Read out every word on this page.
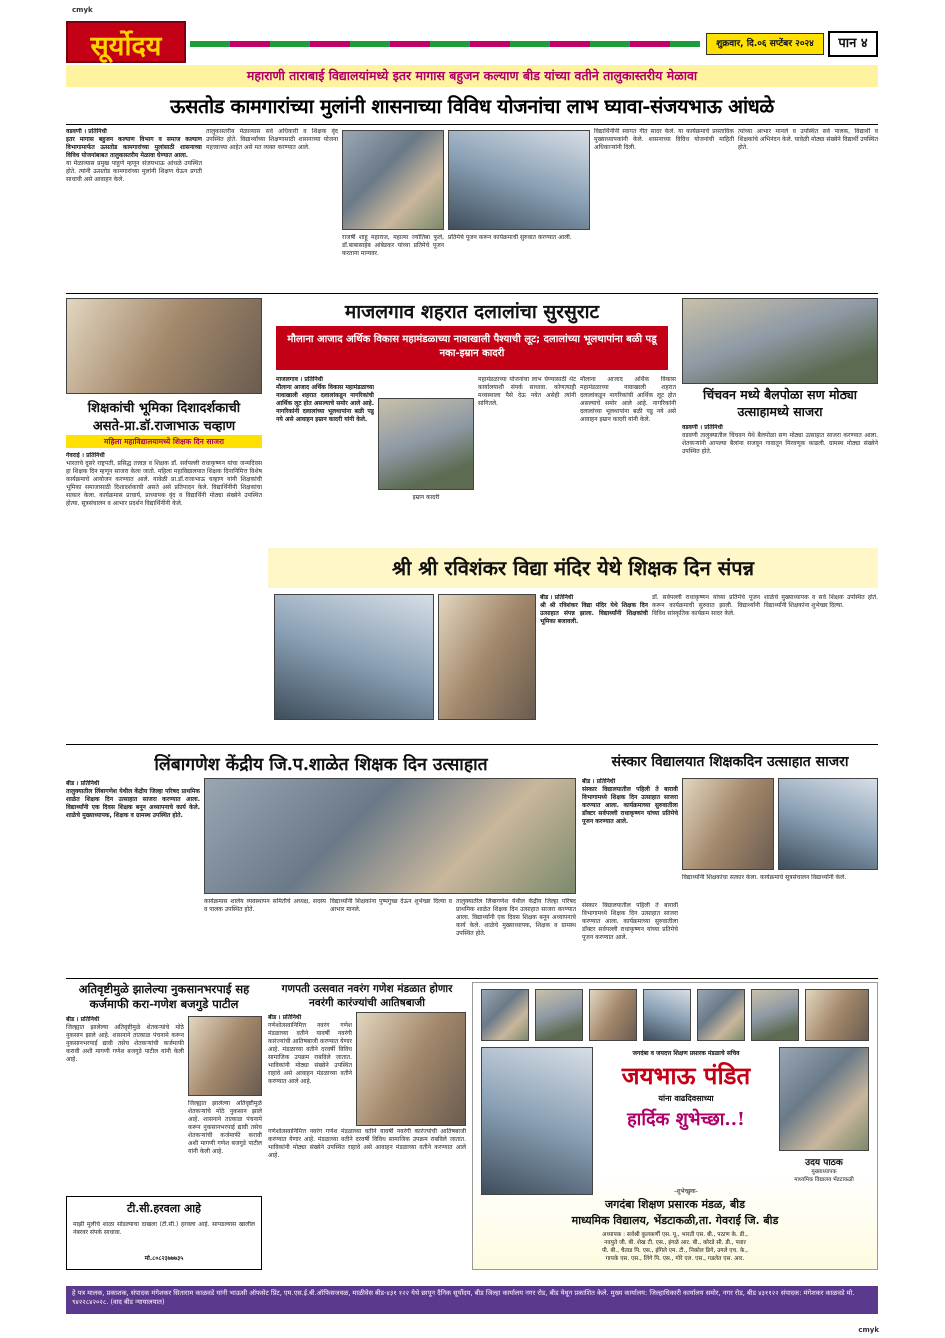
cmyk
cmyk
सूर्योदय	शुक्रवार, दि.०६ सप्टेंबर २०२४	पान ४
महाराणी ताराबाई विद्यालयांमध्ये इतर मागास बहुजन कल्याण बीड यांच्या वतीने तालुकास्तरीय मेळावा
ऊसतोड कामगारांच्या मुलांनी शासनाच्या विविध योजनांचा लाभ घ्यावा-संजयभाऊ आंधळे
वडवणी । प्रतिनिधी
इतर मागास बहुजन कल्याण विभाग व समाज कल्याण विभागामार्फत ऊसतोड कामगारांच्या मुलांसाठी शासनाच्या विविध योजनांबाबत तालुकास्तरीय मेळावा घेण्यात आला.
या मेळाव्यास प्रमुख पाहुणे म्हणून संजयभाऊ आंधळे उपस्थित होते. त्यांनी ऊसतोड कामगारांच्या मुलांनी शिक्षण घेऊन प्रगती साधावी असे आवाहन केले.
तालुकास्तरीय मेळाव्यास सर्व अधिकारी व शिक्षक वृंद उपस्थित होते. विद्यार्थ्यांच्या शिक्षणासाठी शासनाच्या योजना महत्त्वाच्या आहेत असे मत व्यक्त करण्यात आले.
राजर्षी शाहू महाराज, महात्मा ज्योतिबा फुले, डॉ.बाबासाहेब आंबेडकर यांच्या प्रतिमेचे पूजन करताना मान्यवर.
प्रतिमेचे पूजन करून कार्यक्रमाची सुरुवात करण्यात आली.
विद्यार्थिनींनी स्वागत गीत सादर केले. या कार्यक्रमाचे प्रास्ताविक मुख्याध्यापकांनी केले. शासनाच्या विविध योजनांची माहिती अधिकाऱ्यांनी दिली.
त्यांच्या आभार मानले व उपस्थित सर्व पालक, विद्यार्थी व शिक्षकांचे अभिनंदन केले. यावेळी मोठ्या संख्येने विद्यार्थी उपस्थित होते.
शिक्षकांची भूमिका दिशादर्शकाची
असते-प्रा.डॉ.राजाभाऊ चव्हाण
महिला महाविद्यालयामध्ये शिक्षक दिन साजरा
गेवराई । प्रतिनिधी
भारताचे दुसरे राष्ट्रपती, प्रसिद्ध तत्त्वज्ञ व शिक्षक डॉ. सर्वपल्ली राधाकृष्णन यांचा जन्मदिवस हा शिक्षक दिन म्हणून साजरा केला जातो. महिला महाविद्यालयात शिक्षक दिनानिमित्त विशेष कार्यक्रमाचे आयोजन करण्यात आले. यावेळी प्रा.डॉ.राजाभाऊ चव्हाण यांनी शिक्षकांची भूमिका समाजासाठी दिशादर्शकाची असते असे प्रतिपादन केले. विद्यार्थिनींनी शिक्षकांचा सत्कार केला. कार्यक्रमास प्राचार्य, प्राध्यापक वृंद व विद्यार्थिनी मोठ्या संख्येने उपस्थित होत्या. सूत्रसंचालन व आभार प्रदर्शन विद्यार्थिनींनी केले.
माजलगाव शहरात दलालांचा सुरसुराट
मौलाना आजाद अर्थिक विकास महामंडळाच्या नावाखाली पैश्याची लूट; दलालांच्या भूलथापांना बळी पडू नका-इम्रान कादरी
माजलगाव । प्रतिनिधी
मौलाना आजाद अर्थिक विकास महामंडळाच्या नावाखाली शहरात दलालांकडून नागरिकांची आर्थिक लूट होत असल्याचे समोर आले आहे. नागरिकांनी दलालांच्या भूलथापांना बळी पडू नये असे आवाहन इम्रान कादरी यांनी केले.
इम्रान कादरी
महामंडळाच्या योजनांचा लाभ घेण्यासाठी थेट कार्यालयाशी संपर्क साधावा. कोणत्याही मध्यस्थाला पैसे देऊ नयेत असेही त्यांनी सांगितले.
मौलाना आजाद अर्थिक विकास महामंडळाच्या नावाखाली शहरात दलालांकडून नागरिकांची आर्थिक लूट होत असल्याचे समोर आले आहे. नागरिकांनी दलालांच्या भूलथापांना बळी पडू नये असे आवाहन इम्रान कादरी यांनी केले.
चिंचवन मध्ये बैलपोळा सण मोठ्या उत्साहामध्ये साजरा
वडवणी । प्रतिनिधी
वडवणी तालुक्यातील चिंचवन येथे बैलपोळा सण मोठ्या उत्साहात साजरा करण्यात आला. शेतकऱ्यांनी आपल्या बैलांना सजवून गावातून मिरवणूक काढली. ग्रामस्थ मोठ्या संख्येने उपस्थित होते.
श्री श्री रविशंकर विद्या मंदिर येथे शिक्षक दिन संपन्न
बीड । प्रतिनिधी
श्री श्री रविशंकर विद्या मंदिर येथे शिक्षक दिन उत्साहात संपन्न झाला. विद्यार्थ्यांनी शिक्षकांची भूमिका बजावली.
डॉ. सर्वपल्ली राधाकृष्णन यांच्या प्रतिमेचे पूजन करून कार्यक्रमाची सुरुवात झाली. विद्यार्थ्यांनी विविध सांस्कृतिक कार्यक्रम सादर केले.
शाळेचे मुख्याध्यापक व सर्व शिक्षक उपस्थित होते. विद्यार्थ्यांनी शिक्षकांना शुभेच्छा दिल्या.
लिंबागणेश केंद्रीय जि.प.शाळेत शिक्षक दिन उत्साहात
बीड । प्रतिनिधी
तालुक्यातील लिंबागणेश येथील केंद्रीय जिल्हा परिषद प्राथमिक शाळेत शिक्षक दिन उत्साहात साजरा करण्यात आला. विद्यार्थ्यांनी एक दिवस शिक्षक बनून अध्यापनाचे कार्य केले. शाळेचे मुख्याध्यापक, शिक्षक व ग्रामस्थ उपस्थित होते.
कार्यक्रमास शालेय व्यवस्थापन समितीचे अध्यक्ष, सदस्य व पालक उपस्थित होते.
विद्यार्थ्यांनी शिक्षकांना पुष्पगुच्छ देऊन शुभेच्छा दिल्या व आभार मानले.
तालुक्यातील लिंबागणेश येथील केंद्रीय जिल्हा परिषद प्राथमिक शाळेत शिक्षक दिन उत्साहात साजरा करण्यात आला. विद्यार्थ्यांनी एक दिवस शिक्षक बनून अध्यापनाचे कार्य केले. शाळेचे मुख्याध्यापक, शिक्षक व ग्रामस्थ उपस्थित होते.
संस्कार विद्यालयात शिक्षकदिन उत्साहात साजरा
बीड । प्रतिनिधी
संस्कार विद्यालयातील पहिली ते बारावी विभागामध्ये शिक्षक दिन उत्साहात साजरा करण्यात आला. कार्यक्रमाच्या सुरुवातीला डॉक्टर सर्वपल्ली राधाकृष्णन यांच्या प्रतिमेचे पूजन करण्यात आले.
विद्यार्थ्यांनी शिक्षकांचा सत्कार केला. कार्यक्रमाचे सूत्रसंचालन विद्यार्थ्यांनी केले.
संस्कार विद्यालयातील पहिली ते बारावी विभागामध्ये शिक्षक दिन उत्साहात साजरा करण्यात आला. कार्यक्रमाच्या सुरुवातीला डॉक्टर सर्वपल्ली राधाकृष्णन यांच्या प्रतिमेचे पूजन करण्यात आले.
अतिवृष्टीमुळे झालेल्या नुकसानभरपाई सह कर्जमाफी करा-गणेश बजगुडे पाटील
बीड । प्रतिनिधी
जिल्ह्यात झालेल्या अतिवृष्टीमुळे शेतकऱ्यांचे मोठे नुकसान झाले आहे. शासनाने तात्काळ पंचनामे करून नुकसानभरपाई द्यावी तसेच शेतकऱ्यांची कर्जमाफी करावी अशी मागणी गणेश बजगुडे पाटील यांनी केली आहे.
जिल्ह्यात झालेल्या अतिवृष्टीमुळे शेतकऱ्यांचे मोठे नुकसान झाले आहे. शासनाने तात्काळ पंचनामे करून नुकसानभरपाई द्यावी तसेच शेतकऱ्यांची कर्जमाफी करावी अशी मागणी गणेश बजगुडे पाटील यांनी केली आहे.
टी.सी.हरवला आहे
माझी मुलीचे शाळा सोडल्याचा दाखला (टी.सी.) हरवला आहे. सापडल्यास खालील नंबरवर संपर्क साधावा.
मो.८०८२३७७७३५
गणपती उत्सवात नवरंग गणेश मंडळात होणार नवरंगी कारंज्यांची आतिषबाजी
बीड । प्रतिनिधी
गणेशोत्सवानिमित्त नवरंग गणेश मंडळाच्या वतीने यावर्षी नवरंगी कारंज्यांची आतिषबाजी करण्यात येणार आहे. मंडळाच्या वतीने दरवर्षी विविध सामाजिक उपक्रम राबविले जातात. भाविकांनी मोठ्या संख्येने उपस्थित राहावे असे आवाहन मंडळाच्या वतीने करण्यात आले आहे.
गणेशोत्सवानिमित्त नवरंग गणेश मंडळाच्या वतीने यावर्षी नवरंगी कारंज्यांची आतिषबाजी करण्यात येणार आहे. मंडळाच्या वतीने दरवर्षी विविध सामाजिक उपक्रम राबविले जातात. भाविकांनी मोठ्या संख्येने उपस्थित राहावे असे आवाहन मंडळाच्या वतीने करण्यात आले आहे.
जगदंबा व जयदत्त शिक्षण प्रसारक मंडळाचे सचिव
जयभाऊ पंडित
यांना वाढदिवसाच्या
हार्दिक शुभेच्छा..!
उदय पाठक
मुख्याध्यापक
माध्यमिक विद्यालय भेंडटाकळी
-शुभेच्छुक-
जगदंबा शिक्षण प्रसारक मंडळ, बीड
माध्यमिक विद्यालय, भेंडटाकळी,ता. गेवराई जि. बीड
अध्यापक : सर्वश्री कुलकर्णी एस. यू., भारती एस. बी., पठाण के. डी.,
नवपुते जी. बी. शेख टी. एस., इंगळे आर. बी., कोरडे सी. डी., पवार
पी. बी., चैताड पि. एस., इंगिले एम. टी., निकोल डिगे, उगले एच. के.,
गायके एस. एस., लिंगे पि. एस., गोरे एल. एस., गडलेत एस. आर.
हे पत्र मालक, प्रकाशक, संपादक मंगेशकर सिताराम काळवडे यांनी भाऊसी ऑफसेट प्रिंट, एम.एस.ई.बी.ऑफिसजवळ, माळीवेस बीड-४३१ १२२ येथे छापून दैनिक सूर्योदय, बीड जिल्हा कार्यालय नगर रोड, बीड येथून प्रकाशित केले. मुख्य कार्यालय: जिल्हाधिकारी कार्यालय समोर, नगर रोड, बीड ४३११२२ संपादक: मंगेशकर काळवडे मो. ९४२२८४२०२८. (वाद बीड न्यायालयात)
